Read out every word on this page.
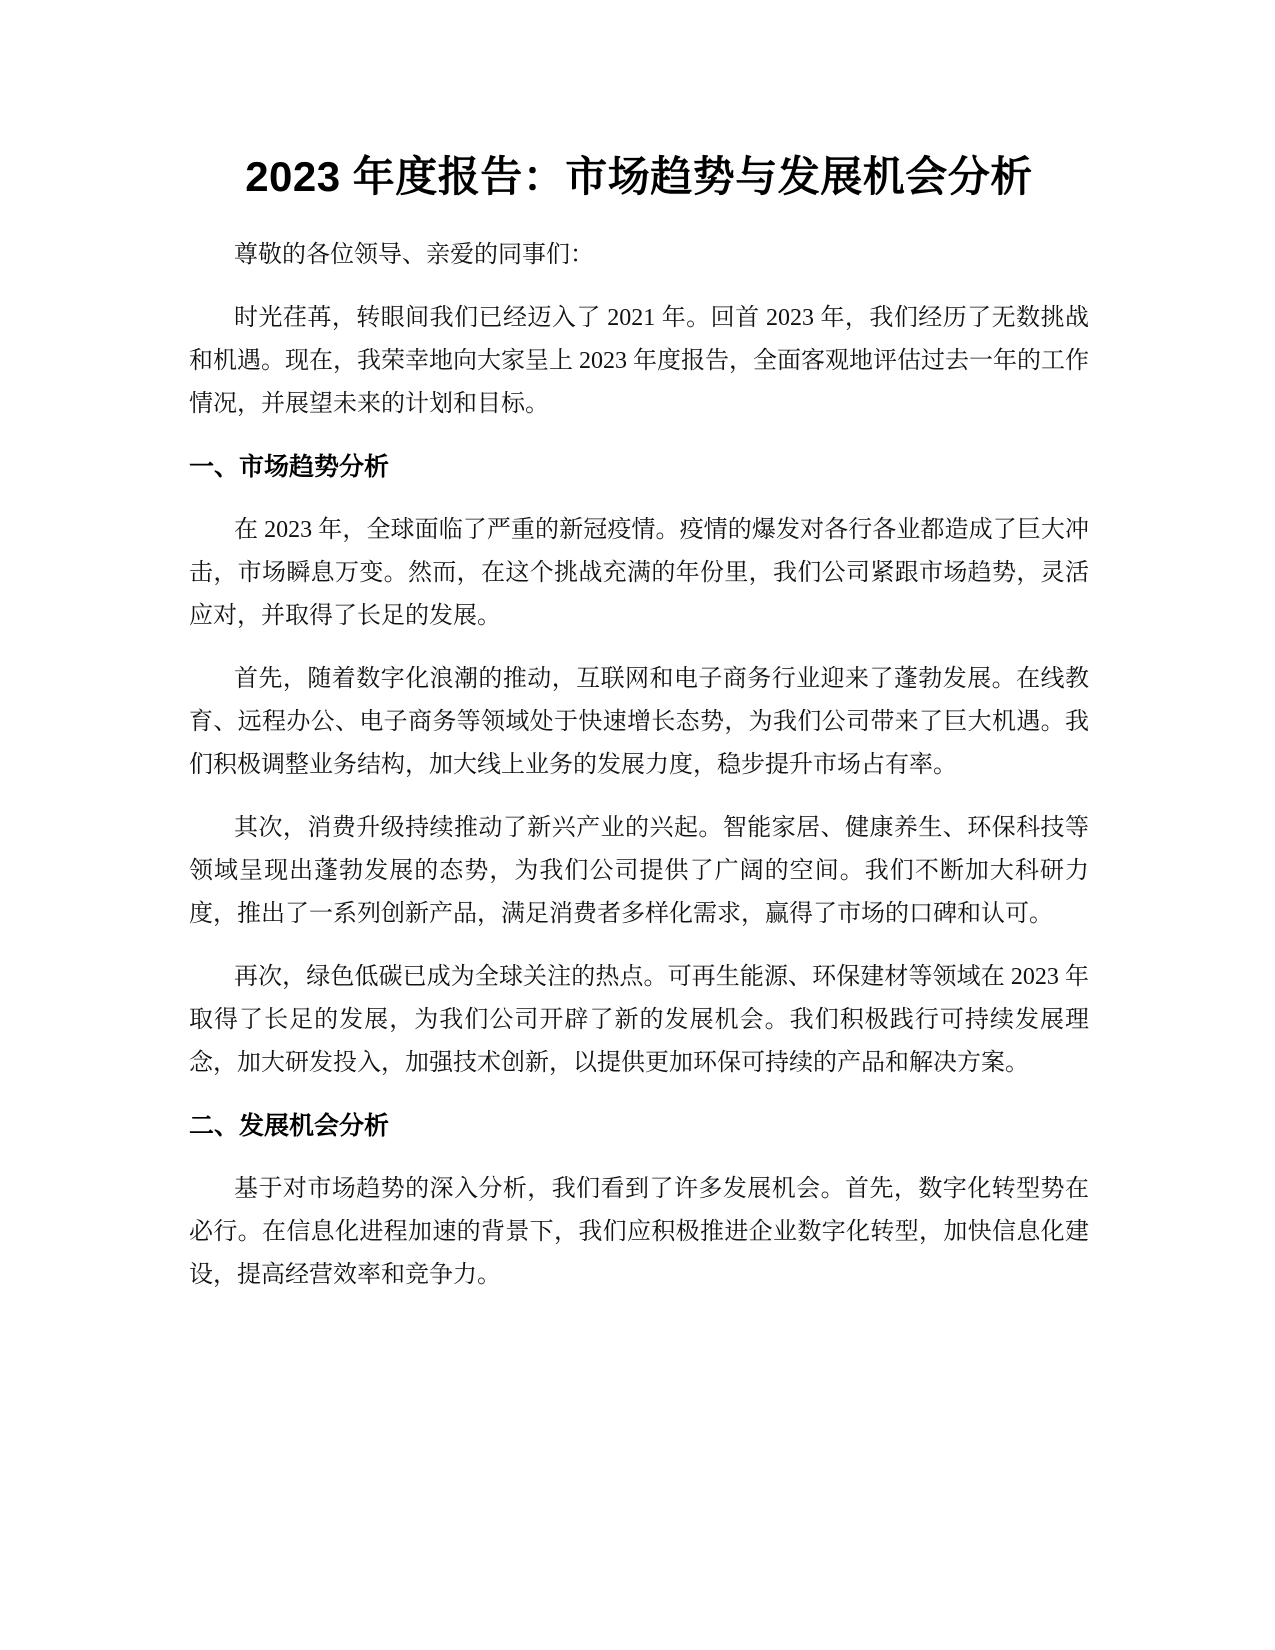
2023 年度报告：市场趋势与发展机会分析

尊敬的各位领导、亲爱的同事们：

时光荏苒，转眼间我们已经迈入了 2021 年。回首 2023 年，我们经历了无数挑战和机遇。现在，我荣幸地向大家呈上 2023 年度报告，全面客观地评估过去一年的工作情况，并展望未来的计划和目标。

一、市场趋势分析

在 2023 年，全球面临了严重的新冠疫情。疫情的爆发对各行各业都造成了巨大冲击，市场瞬息万变。然而，在这个挑战充满的年份里，我们公司紧跟市场趋势，灵活应对，并取得了长足的发展。

首先，随着数字化浪潮的推动，互联网和电子商务行业迎来了蓬勃发展。在线教育、远程办公、电子商务等领域处于快速增长态势，为我们公司带来了巨大机遇。我们积极调整业务结构，加大线上业务的发展力度，稳步提升市场占有率。

其次，消费升级持续推动了新兴产业的兴起。智能家居、健康养生、环保科技等领域呈现出蓬勃发展的态势，为我们公司提供了广阔的空间。我们不断加大科研力度，推出了一系列创新产品，满足消费者多样化需求，赢得了市场的口碑和认可。

再次，绿色低碳已成为全球关注的热点。可再生能源、环保建材等领域在 2023 年取得了长足的发展，为我们公司开辟了新的发展机会。我们积极践行可持续发展理念，加大研发投入，加强技术创新，以提供更加环保可持续的产品和解决方案。

二、发展机会分析

基于对市场趋势的深入分析，我们看到了许多发展机会。首先，数字化转型势在必行。在信息化进程加速的背景下，我们应积极推进企业数字化转型，加快信息化建设，提高经营效率和竞争力。
